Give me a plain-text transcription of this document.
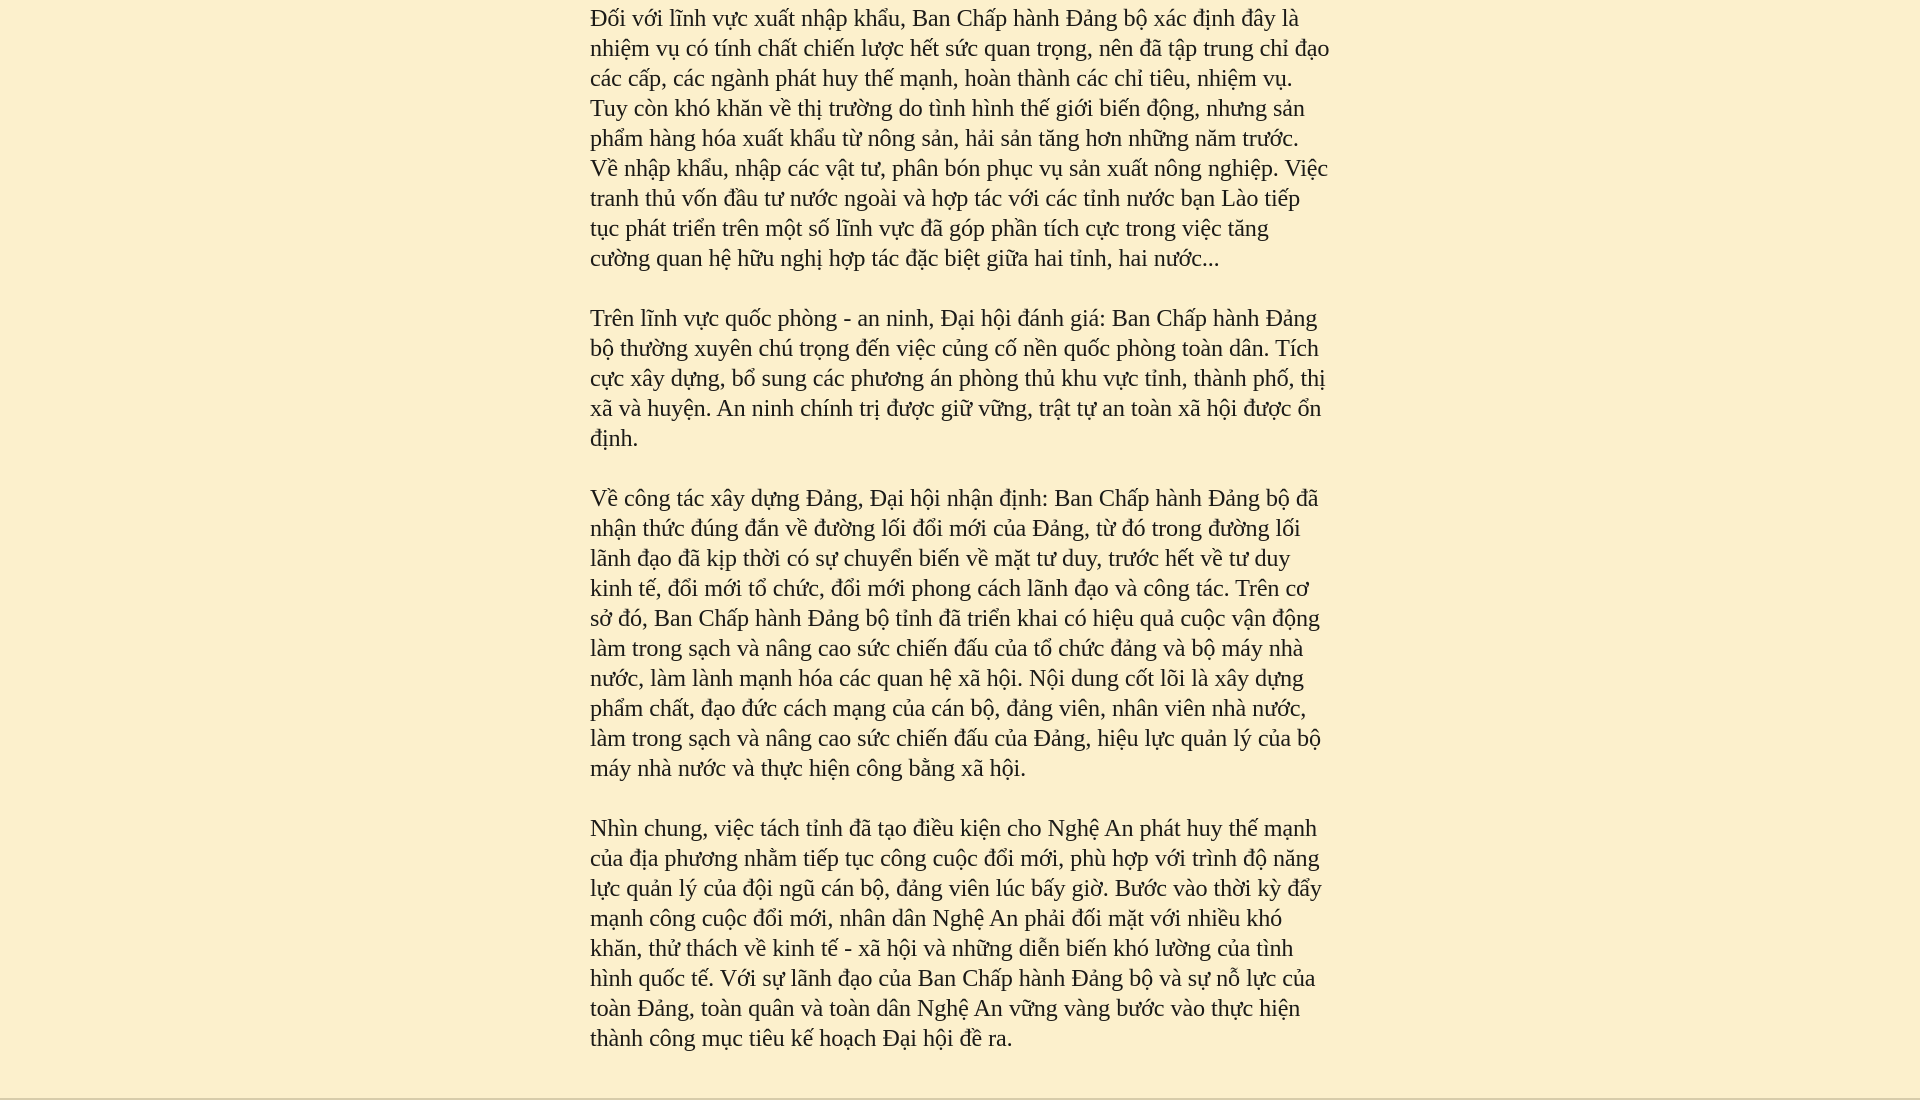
Đối với lĩnh vực xuất nhập khẩu, Ban Chấp hành Đảng bộ xác định đây là nhiệm vụ có tính chất chiến lược hết sức quan trọng, nên đã tập trung chỉ đạo các cấp, các ngành phát huy thế mạnh, hoàn thành các chỉ tiêu, nhiệm vụ. Tuy còn khó khăn về thị trường do tình hình thế giới biến động, nhưng sản phẩm hàng hóa xuất khẩu từ nông sản, hải sản tăng hơn những năm trước. Về nhập khẩu, nhập các vật tư, phân bón phục vụ sản xuất nông nghiệp. Việc tranh thủ vốn đầu tư nước ngoài và hợp tác với các tỉnh nước bạn Lào tiếp tục phát triển trên một số lĩnh vực đã góp phần tích cực trong việc tăng cường quan hệ hữu nghị hợp tác đặc biệt giữa hai tỉnh, hai nước...

Trên lĩnh vực quốc phòng - an ninh, Đại hội đánh giá: Ban Chấp hành Đảng bộ thường xuyên chú trọng đến việc củng cố nền quốc phòng toàn dân. Tích cực xây dựng, bổ sung các phương án phòng thủ khu vực tỉnh, thành phố, thị xã và huyện. An ninh chính trị được giữ vững, trật tự an toàn xã hội được ổn định.

Về công tác xây dựng Đảng, Đại hội nhận định: Ban Chấp hành Đảng bộ đã nhận thức đúng đắn về đường lối đổi mới của Đảng, từ đó trong đường lối lãnh đạo đã kịp thời có sự chuyển biến về mặt tư duy, trước hết về tư duy kinh tế, đổi mới tổ chức, đổi mới phong cách lãnh đạo và công tác. Trên cơ sở đó, Ban Chấp hành Đảng bộ tỉnh đã triển khai có hiệu quả cuộc vận động làm trong sạch và nâng cao sức chiến đấu của tổ chức đảng và bộ máy nhà nước, làm lành mạnh hóa các quan hệ xã hội. Nội dung cốt lõi là xây dựng phẩm chất, đạo đức cách mạng của cán bộ, đảng viên, nhân viên nhà nước, làm trong sạch và nâng cao sức chiến đấu của Đảng, hiệu lực quản lý của bộ máy nhà nước và thực hiện công bằng xã hội.

Nhìn chung, việc tách tỉnh đã tạo điều kiện cho Nghệ An phát huy thế mạnh của địa phương nhằm tiếp tục công cuộc đổi mới, phù hợp với trình độ năng lực quản lý của đội ngũ cán bộ, đảng viên lúc bấy giờ. Bước vào thời kỳ đẩy mạnh công cuộc đổi mới, nhân dân Nghệ An phải đối mặt với nhiều khó khăn, thử thách về kinh tế - xã hội và những diễn biến khó lường của tình hình quốc tế. Với sự lãnh đạo của Ban Chấp hành Đảng bộ và sự nỗ lực của toàn Đảng, toàn quân và toàn dân Nghệ An vững vàng bước vào thực hiện thành công mục tiêu kế hoạch Đại hội đề ra.
